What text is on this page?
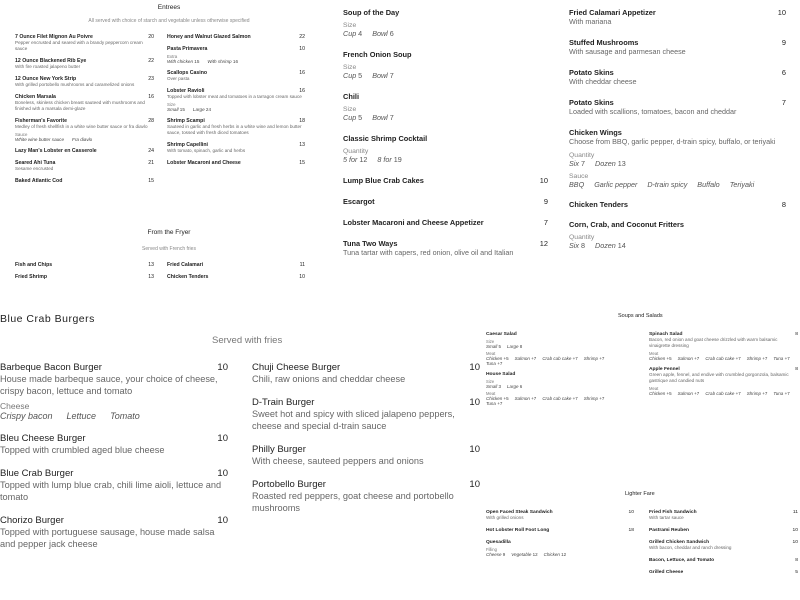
Entrees
All served with choice of starch and vegetable unless otherwise specified
7 Ounce Filet Mignon Au Poivre	20
Pepper encrusted and seared with a brandy peppercorn cream sauce
12 Ounce Blackened Rib Eye	22
With fire roasted jalapeno butter
12 Ounce New York Strip	23
With grilled portobello mushrooms and caramelized onions
Chicken Marsala	16
Boneless, skinless chicken breast sauteed with mushrooms and finished with a marsala demi-glaze
Fisherman's Favorite	28
Medley of fresh shellfish in a white wine butter sauce or fra diavlo
Sauce
White wine butter sauce Fra diavlo
Lazy Man's Lobster en Casserole	24
Seared Ahi Tuna	21
Sesame encrusted
Baked Atlantic Cod	15
Honey and Walnut Glazed Salmon	22
Pasta Primavera	10
Extra
With chicken 15 With shrimp 16
Scallops Casino	16
Over pasta
Lobster Ravioli	16
Topped with lobster meat and tomatoes in a tarragon cream sauce
Size
Small 15 Large 24
Shrimp Scampi	18
Sauteed in garlic and fresh herbs in a white wine and lemon butter sauce, tossed with fresh diced tomatoes
Shrimp Capellini	13
With tomato, spinach, garlic and herbs
Lobster Macaroni and Cheese	15
From the Fryer
Served with French fries
Fish and Chips	13
Fried Shrimp	13
Fried Calamari	11
Chicken Tenders	10
Soup of the Day
Size
Cup 4 Bowl 6
French Onion Soup
Size
Cup 5 Bowl 7
Chili
Size
Cup 5 Bowl 7
Classic Shrimp Cocktail
Quantity
5 for 12 8 for 19
Lump Blue Crab Cakes	10
Escargot	9
Lobster Macaroni and Cheese Appetizer	7
Tuna Two Ways	12
Tuna tartar with capers, red onion, olive oil and Italian
Fried Calamari Appetizer	10
With mariana
Stuffed Mushrooms	9
With sausage and parmesan cheese
Potato Skins	6
With cheddar cheese
Potato Skins	7
Loaded with scallions, tomatoes, bacon and cheddar
Chicken Wings
Choose from BBQ, garlic pepper, d-train spicy, buffalo, or teriyaki
Quantity
Six 7 Dozen 13
Sauce
BBQ Garlic pepper D-train spicy Buffalo Teriyaki
Chicken Tenders	8
Corn, Crab, and Coconut Fritters
Quantity
Six 8 Dozen 14
Blue Crab Burgers
Served with fries
Barbeque Bacon Burger	10
House made barbeque sauce, your choice of cheese, crispy bacon, lettuce and tomato
Cheese
Crispy bacon Lettuce Tomato
Bleu Cheese Burger	10
Topped with crumbled aged blue cheese
Blue Crab Burger	10
Topped with lump blue crab, chili lime aioli, lettuce and tomato
Chorizo Burger	10
Topped with portuguese sausage, house made salsa and pepper jack cheese
Chuji Cheese Burger	10
Chili, raw onions and cheddar cheese
D-Train Burger	10
Sweet hot and spicy with sliced jalapeno peppers, cheese and special d-train sauce
Philly Burger	10
With cheese, sauteed peppers and onions
Portobello Burger	10
Roasted red peppers, goat cheese and portobello mushrooms
Soups and Salads
Caesar Salad
Size
Small 5 Large 8
Meat
Chicken +5 Salmon +7 Crab cab cake +7 Shrimp +7
Tuna +7
House Salad
Size
Small 3 Large 6
Meat
Chicken +5 Salmon +7 Crab cab cake +7 Shrimp +7
Tuna +7
Spinach Salad	8
Bacon, red onion and goat cheese drizzled with warm balsamic vinaigrette dressing
Meat
Chicken +5 Salmon +7 Crab cab cake +7 Shrimp +7 Tuna +7
Apple Fennel	8
Green apple, fennel, and endive with crumbled gorgonzola, balsamic gastrique and candied nuts
Meat
Chicken +5 Salmon +7 Crab cab cake +7 Shrimp +7 Tuna +7
Lighter Fare
Open Faced Steak Sandwich	10
With grilled onions
Hot Lobster Roll Foot Long	18
Quesadilla
Filling
Cheese 9 Vegetable 12 Chicken 12
Fried Fish Sandwich	11
With tartar sauce
Pastrami Reuben	10
Grilled Chicken Sandwich	10
With bacon, cheddar and ranch dressing
Bacon, Lettuce, and Tomato	8
Grilled Cheese	5
